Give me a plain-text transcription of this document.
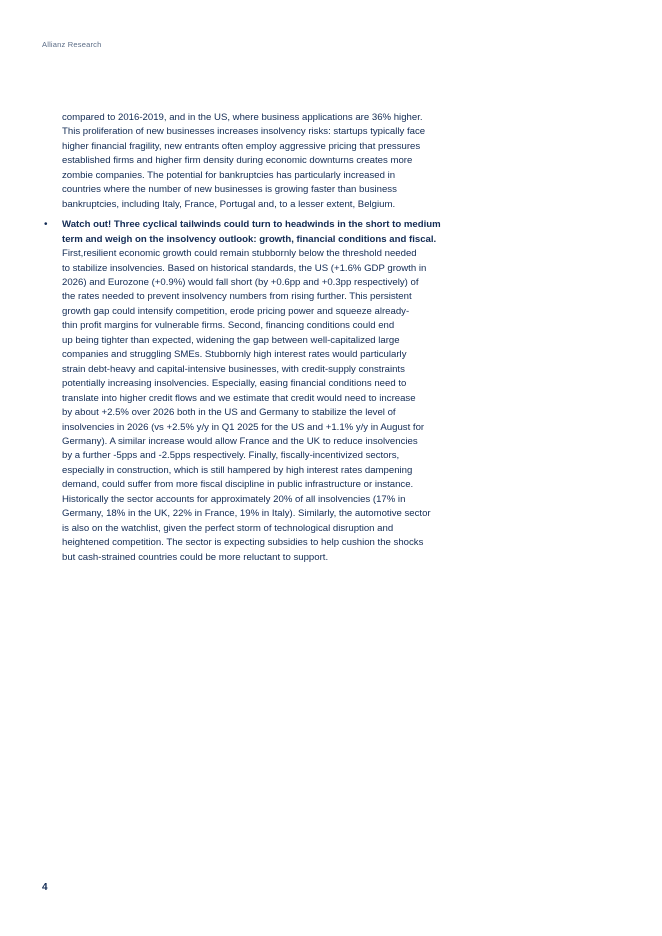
Allianz Research

compared to 2016-2019, and in the US, where business applications are 36% higher.
This proliferation of new businesses increases insolvency risks: startups typically face
higher financial fragility, new entrants often employ aggressive pricing that pressures
established firms and higher firm density during economic downturns creates more
zombie companies. The potential for bankruptcies has particularly increased in
countries where the number of new businesses is growing faster than business
bankruptcies, including Italy, France, Portugal and, to a lesser extent, Belgium.

• Watch out! Three cyclical tailwinds could turn to headwinds in the short to medium
term and weigh on the insolvency outlook: growth, financial conditions and fiscal.
First,resilient economic growth could remain stubbornly below the threshold needed
to stabilize insolvencies. Based on historical standards, the US (+1.6% GDP growth in
2026) and Eurozone (+0.9%) would fall short (by +0.6pp and +0.3pp respectively) of
the rates needed to prevent insolvency numbers from rising further. This persistent
growth gap could intensify competition, erode pricing power and squeeze already-
thin profit margins for vulnerable firms. Second, financing conditions could end
up being tighter than expected, widening the gap between well-capitalized large
companies and struggling SMEs. Stubbornly high interest rates would particularly
strain debt-heavy and capital-intensive businesses, with credit-supply constraints
potentially increasing insolvencies. Especially, easing financial conditions need to
translate into higher credit flows and we estimate that credit would need to increase
by about +2.5% over 2026 both in the US and Germany to stabilize the level of
insolvencies in 2026 (vs +2.5% y/y in Q1 2025 for the US and +1.1% y/y in August for
Germany). A similar increase would allow France and the UK to reduce insolvencies
by a further -5pps and -2.5pps respectively. Finally, fiscally-incentivized sectors,
especially in construction, which is still hampered by high interest rates dampening
demand, could suffer from more fiscal discipline in public infrastructure or instance.
Historically the sector accounts for approximately 20% of all insolvencies (17% in
Germany, 18% in the UK, 22% in France, 19% in Italy). Similarly, the automotive sector
is also on the watchlist, given the perfect storm of technological disruption and
heightened competition. The sector is expecting subsidies to help cushion the shocks
but cash-strained countries could be more reluctant to support.
4
